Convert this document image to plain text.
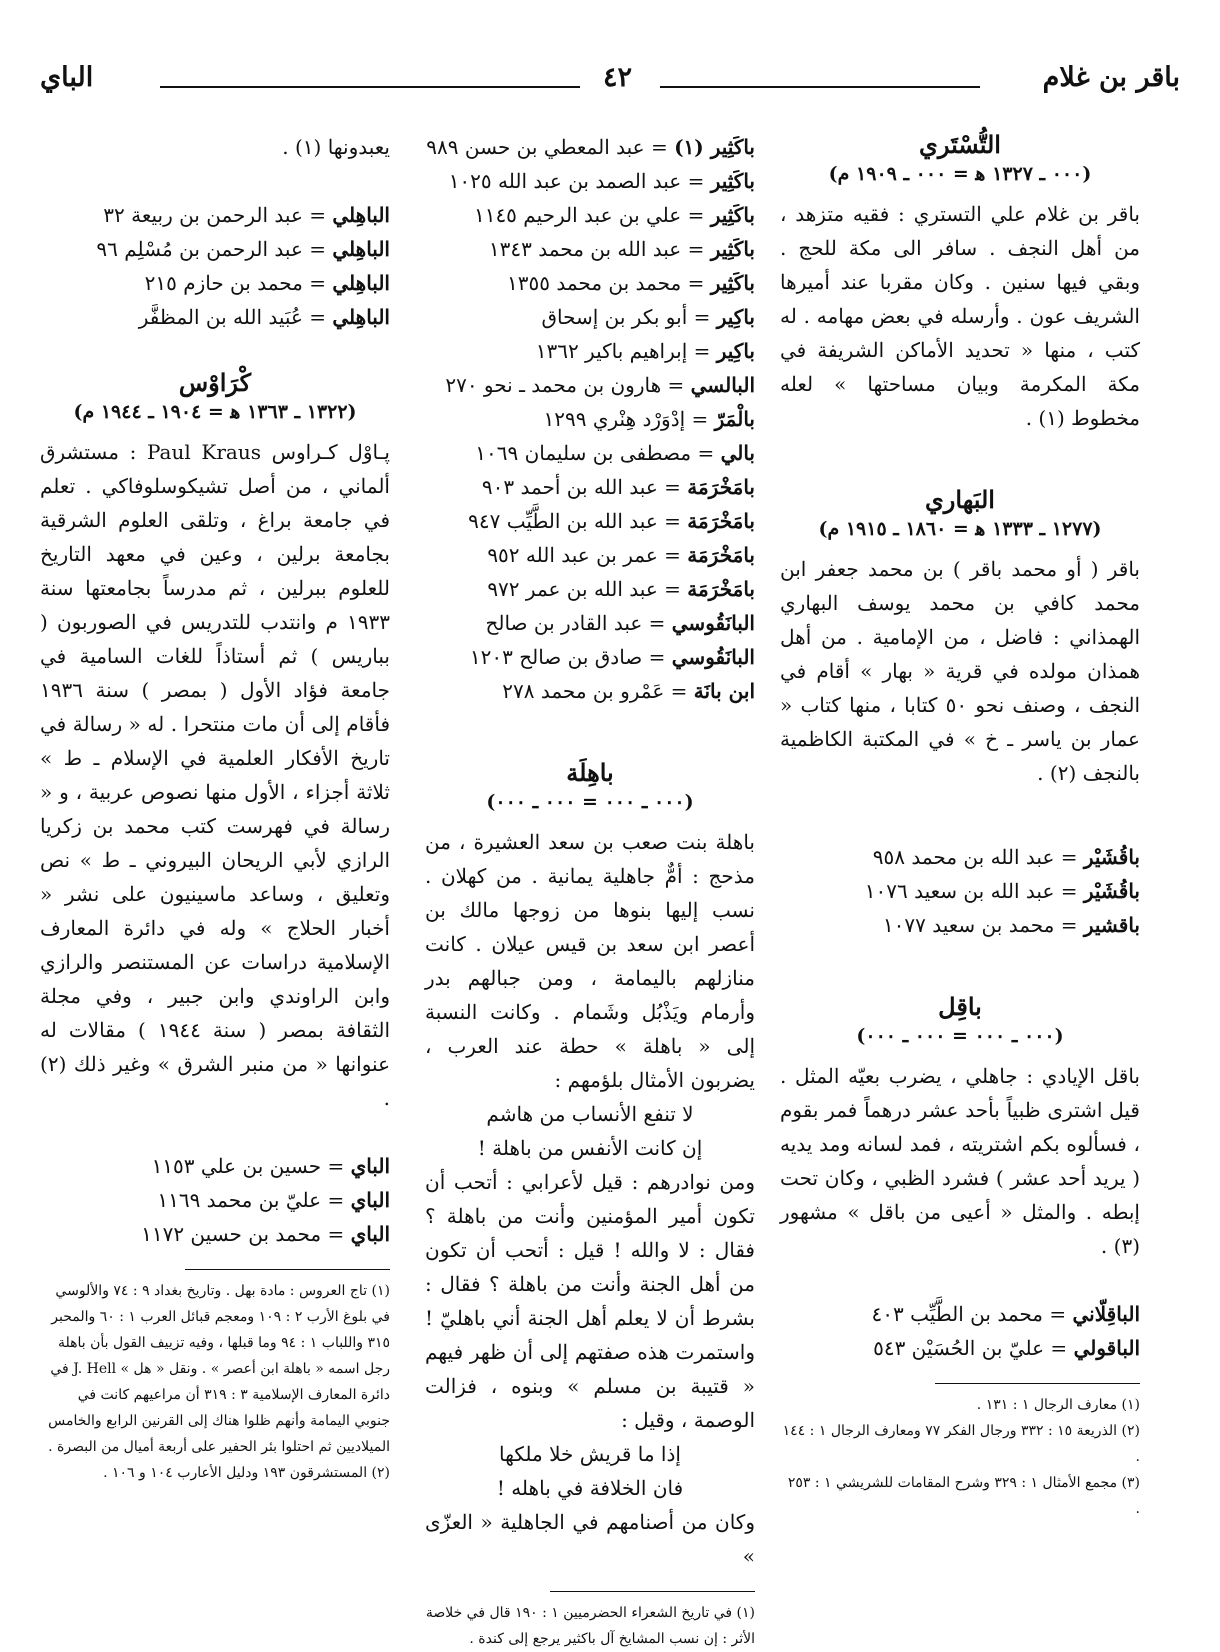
الباي	٤٢	باقر بن غلام
التُّسْتَري
(٠٠٠ ـ ١٣٢٧ ﻫ = ٠٠٠ ـ ١٩٠٩ م)

باقر بن غلام علي التستري : فقيه متزهد ، من أهل النجف . سافر الى مكة للحج . وبقي فيها سنين . وكان مقربا عند أميرها الشريف عون . وأرسله في بعض مهامه . له كتب ، منها « تحديد الأماكن الشريفة في مكة المكرمة وبيان مساحتها » لعله مخطوط (١) .

البَهاري
(١٢٧٧ ـ ١٣٣٣ ﻫ = ١٨٦٠ ـ ١٩١٥ م)

باقر ( أو محمد باقر ) بن محمد جعفر ابن محمد كافي بن محمد يوسف البهاري الهمذاني : فاضل ، من الإمامية . من أهل همذان مولده في قرية « بهار » أقام في النجف ، وصنف نحو ٥٠ كتابا ، منها كتاب « عمار بن ياسر ـ خ » في المكتبة الكاظمية بالنجف (٢) .

باقُشَيْر = عبد الله بن محمد ٩٥٨
باقُشَيْر = عبد الله بن سعيد ١٠٧٦
باقشير = محمد بن سعيد ١٠٧٧
باقِل
(٠٠٠ ـ ٠٠٠ = ٠٠٠ ـ ٠٠٠)

باقل الإيادي : جاهلي ، يضرب بعيّه المثل . قيل اشترى ظبياً بأحد عشر درهماً فمر بقوم ، فسألوه بكم اشتريته ، فمد لسانه ومد يديه ( يريد أحد عشر ) فشرد الظبي ، وكان تحت إبطه . والمثل « أعيى من باقل » مشهور (٣) .

الباقِلّاني = محمد بن الطَّيِّب ٤٠٣
الباقولي = عليّ بن الحُسَيْن ٥٤٣

(١) معارف الرجال ١ : ١٣١ .

(٢) الذريعة ١٥ : ٣٣٢ ورجال الفكر ٧٧ ومعارف الرجال ١ : ١٤٤ .

(٣) مجمع الأمثال ١ : ٣٢٩ وشرح المقامات للشريشي ١ : ٢٥٣ .

باكَثِير (١) = عبد المعطي بن حسن ٩٨٩
باكَثِير = عبد الصمد بن عبد الله ١٠٢٥
باكَثِير = علي بن عبد الرحيم ١١٤٥
باكَثِير = عبد الله بن محمد ١٣٤٣
باكَثِير = محمد بن محمد ١٣٥٥
باكِير = أبو بكر بن إسحاق
باكِير = إبراهيم باكير ١٣٦٢
البالسي = هارون بن محمد ـ نحو ٢٧٠
بالْمَرّ = إدْوَرْد هِنْري ١٢٩٩
بالي = مصطفى بن سليمان ١٠٦٩
بامَخْرَمَة = عبد الله بن أحمد ٩٠٣
بامَخْرَمَة = عبد الله بن الطَّيِّب ٩٤٧
بامَخْرَمَة = عمر بن عبد الله ٩٥٢
بامَخْرَمَة = عبد الله بن عمر ٩٧٢
البانَقُوسي = عبد القادر بن صالح
البانَقُوسي = صادق بن صالح ١٢٠٣
ابن بانَة = عَمْرو بن محمد ٢٧٨
باهِلَة
(٠٠٠ ـ ٠٠٠ = ٠٠٠ ـ ٠٠٠)

باهلة بنت صعب بن سعد العشيرة ، من مذحج : أمٌّ جاهلية يمانية . من كهلان . نسب إليها بنوها من زوجها مالك بن أعصر ابن سعد بن قيس عيلان . كانت منازلهم باليمامة ، ومن جبالهم بدر وأرمام ويَذْبُل وشَمام . وكانت النسبة إلى « باهلة » حطة عند العرب ، يضربون الأمثال بلؤمهم :

لا تنفع الأنساب من هاشم
إن كانت الأنفس من باهلة !

ومن نوادرهم : قيل لأعرابي : أتحب أن تكون أمير المؤمنين وأنت من باهلة ؟ فقال : لا والله ! قيل : أتحب أن تكون من أهل الجنة وأنت من باهلة ؟ فقال : بشرط أن لا يعلم أهل الجنة أني باهليّ ! واستمرت هذه صفتهم إلى أن ظهر فيهم « قتيبة بن مسلم » وبنوه ، فزالت الوصمة ، وقيل :

إذا ما قريش خلا ملكها
فان الخلافة في باهله !

وكان من أصنامهم في الجاهلية « العزّى »

(١) في تاريخ الشعراء الحضرميين ١ : ١٩٠ قال في خلاصة الأثر : إن نسب المشايخ آل باكثير يرجع إلى كندة .

يعبدونها (١) .

الباهِلي = عبد الرحمن بن ربيعة ٣٢
الباهِلي = عبد الرحمن بن مُسْلِم ٩٦
الباهِلي = محمد بن حازم ٢١٥
الباهِلي = عُبَيد الله بن المظفَّر
كْرَاوْس
(١٣٢٢ ـ ١٣٦٣ ﻫ = ١٩٠٤ ـ ١٩٤٤ م)

پـاوْل كـراوس Paul Kraus : مستشرق ألماني ، من أصل تشيكوسلوفاكي . تعلم في جامعة براغ ، وتلقى العلوم الشرقية بجامعة برلين ، وعين في معهد التاريخ للعلوم ببرلين ، ثم مدرساً بجامعتها سنة ١٩٣٣ م وانتدب للتدريس في الصوربون ( بباريس ) ثم أستاذاً للغات السامية في جامعة فؤاد الأول ( بمصر ) سنة ١٩٣٦ فأقام إلى أن مات منتحرا . له « رسالة في تاريخ الأفكار العلمية في الإسلام ـ ط » ثلاثة أجزاء ، الأول منها نصوص عربية ، و « رسالة في فهرست كتب محمد بن زكريا الرازي لأبي الريحان البيروني ـ ط » نص وتعليق ، وساعد ماسينيون على نشر « أخبار الحلاج » وله في دائرة المعارف الإسلامية دراسات عن المستنصر والرازي وابن الراوندي وابن جبير ، وفي مجلة الثقافة بمصر ( سنة ١٩٤٤ ) مقالات له عنوانها « من منبر الشرق » وغير ذلك (٢) .

الباي = حسين بن علي ١١٥٣
الباي = عليّ بن محمد ١١٦٩
الباي = محمد بن حسين ١١٧٢

(١) تاج العروس : مادة بهل . وتاريخ بغداد ٩ : ٧٤ والألوسي في بلوغ الأرب ٢ : ١٠٩ ومعجم قبائل العرب ١ : ٦٠ والمحبر ٣١٥ واللباب ١ : ٩٤ وما قبلها ، وفيه تزييف القول بأن باهلة رجل اسمه « باهلة ابن أعصر » . ونقل « هل » J. Hell في دائرة المعارف الإسلامية ٣ : ٣١٩ أن مراعيهم كانت في جنوبي اليمامة وأنهم ظلوا هناك إلى القرنين الرابع والخامس الميلاديين ثم احتلوا بئر الحفير على أربعة أميال من البصرة .

(٢) المستشرقون ١٩٣ ودليل الأعارب ١٠٤ و ١٠٦ .
